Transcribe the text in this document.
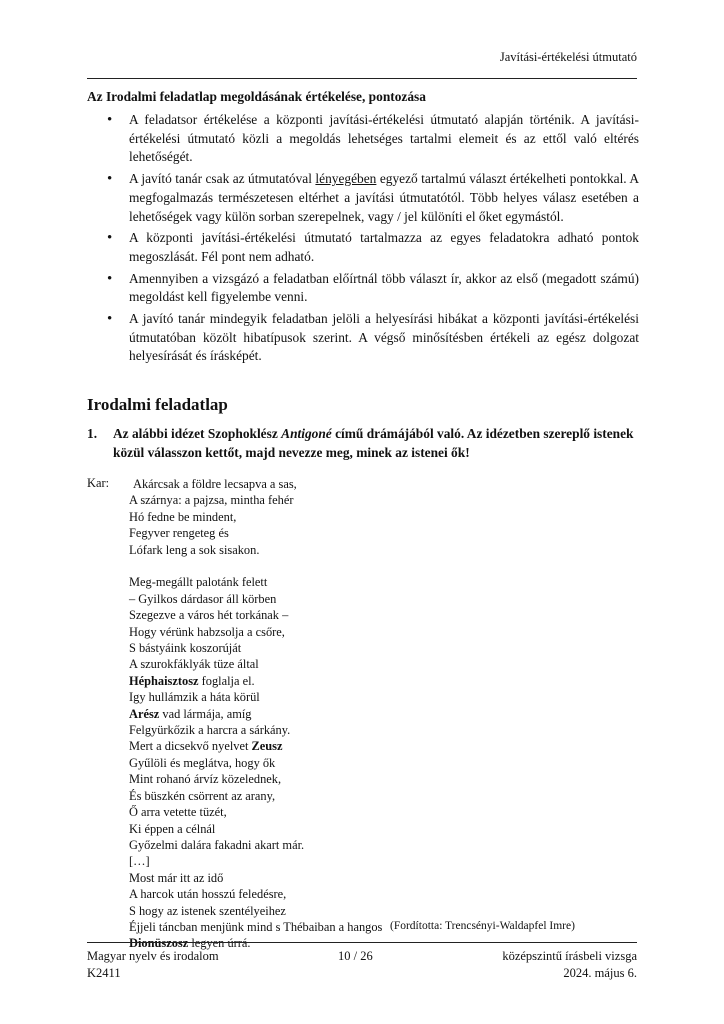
Javítási-értékelési útmutató
Az Irodalmi feladatlap megoldásának értékelése, pontozása
• A feladatsor értékelése a központi javítási-értékelési útmutató alapján történik. A javítási-értékelési útmutató közli a megoldás lehetséges tartalmi elemeit és az ettől való eltérés lehetőségét.
• A javító tanár csak az útmutatóval lényegében egyező tartalmú választ értékelheti pontokkal. A megfogalmazás természetesen eltérhet a javítási útmutatótól. Több helyes válasz esetében a lehetőségek vagy külön sorban szerepelnek, vagy / jel különíti el őket egymástól.
• A központi javítási-értékelési útmutató tartalmazza az egyes feladatokra adható pontok megoszlását. Fél pont nem adható.
• Amennyiben a vizsgázó a feladatban előírtnál több választ ír, akkor az első (megadott számú) megoldást kell figyelembe venni.
• A javító tanár mindegyik feladatban jelöli a helyesírási hibákat a központi javítási-értékelési útmutatóban közölt hibatípusok szerint. A végső minősítésben értékeli az egész dolgozat helyesírását és írásképét.
Irodalmi feladatlap
1. Az alábbi idézet Szophoklész Antigoné című drámájából való. Az idézetben szereplő istenek közül válasszon kettőt, majd nevezze meg, minek az istenei ők!
Kar:	Akárcsak a földre lecsapva a sas,
A szárnya: a pajzsa, mintha fehér
Hó fedne be mindent,
Fegyver rengeteg és
Lófark leng a sok sisakon.
Meg-megállt palotánk felett
– Gyilkos dárdasor áll körben
Szegezve a város hét torkának –
Hogy vérünk habzsolja a csőre,
S bástyáink koszorúját
A szurokfáklyák tüze által
Héphaisztosz foglalja el.
Igy hullámzik a háta körül
Arész vad lármája, amíg
Felgyürkőzik a harcra a sárkány.
Mert a dicsekvő nyelvet Zeusz
Gyűlöli és meglátva, hogy ők
Mint rohanó árvíz közelednek,
És büszkén csörrent az arany,
Ő arra vetette tüzét,
Ki éppen a célnál
Győzelmi dalára fakadni akart már.
[…]
Most már itt az idő
A harcok után hosszú feledésre,
S hogy az istenek szentélyeihez
Éjjeli táncban menjünk mind s Thébaiban a hangos
Dionüszosz legyen úrrá.
(Fordította: Trencsényi-Waldapfel Imre)
Magyar nyelv és irodalom
K2411
10 / 26	középszintű írásbeli vizsga
2024. május 6.
